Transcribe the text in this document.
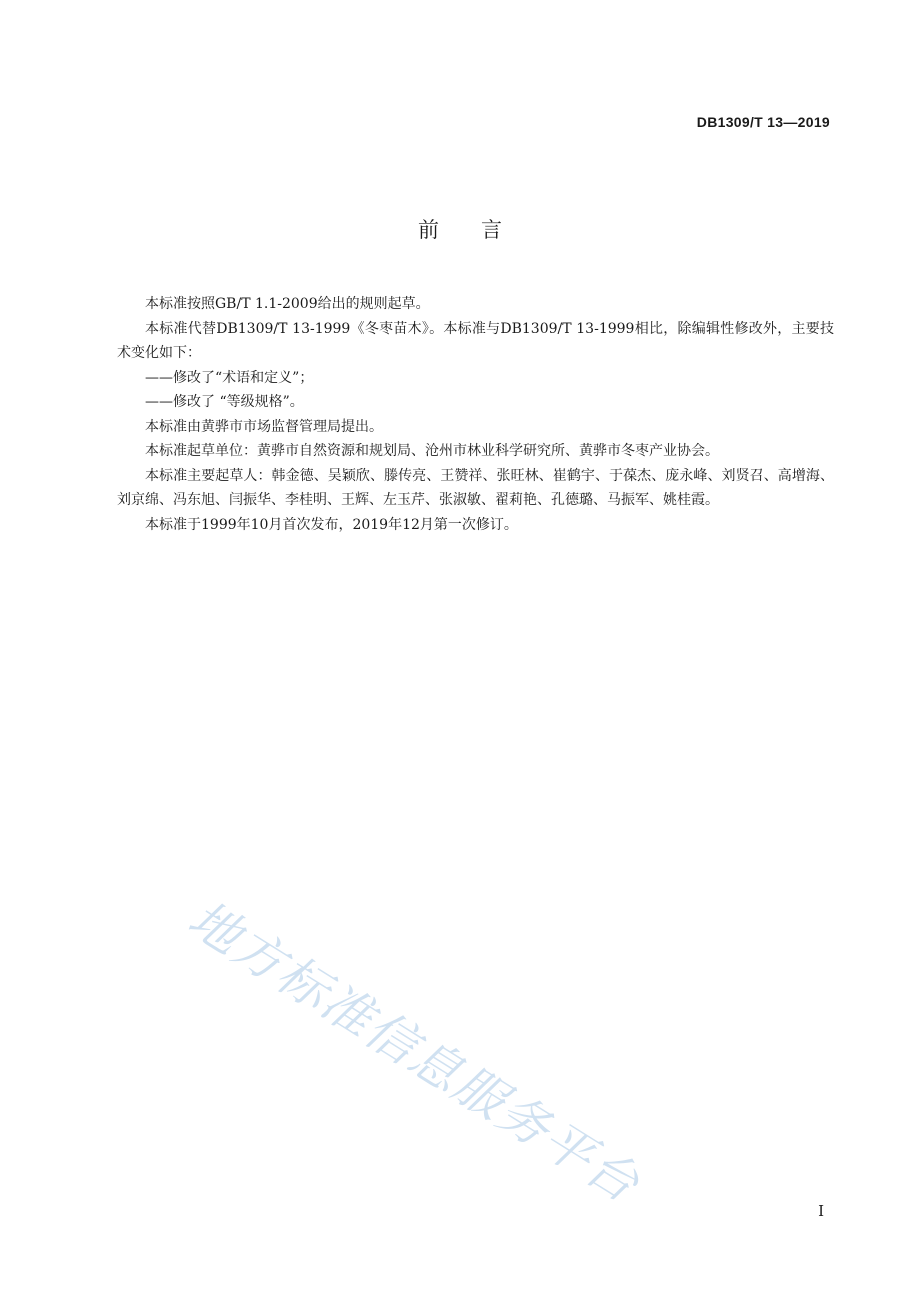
DB1309/T 13—2019
前言

本标准按照GB/T 1.1-2009给出的规则起草。

本标准代替DB1309/T 13-1999《冬枣苗木》。本标准与DB1309/T 13-1999相比，除编辑性修改外，主要技术变化如下：

——修改了“术语和定义”；

——修改了 “等级规格”。

本标准由黄骅市市场监督管理局提出。

本标准起草单位：黄骅市自然资源和规划局、沧州市林业科学研究所、黄骅市冬枣产业协会。

本标准主要起草人：韩金德、吴颖欣、滕传亮、王赞祥、张旺林、崔鹤宇、于葆杰、庞永峰、刘贤召、高增海、刘京绵、冯东旭、闫振华、李桂明、王辉、左玉芹、张淑敏、翟莉艳、孔德璐、马振军、姚桂霞。

本标准于1999年10月首次发布，2019年12月第一次修订。

地方标准信息服务平台	I
